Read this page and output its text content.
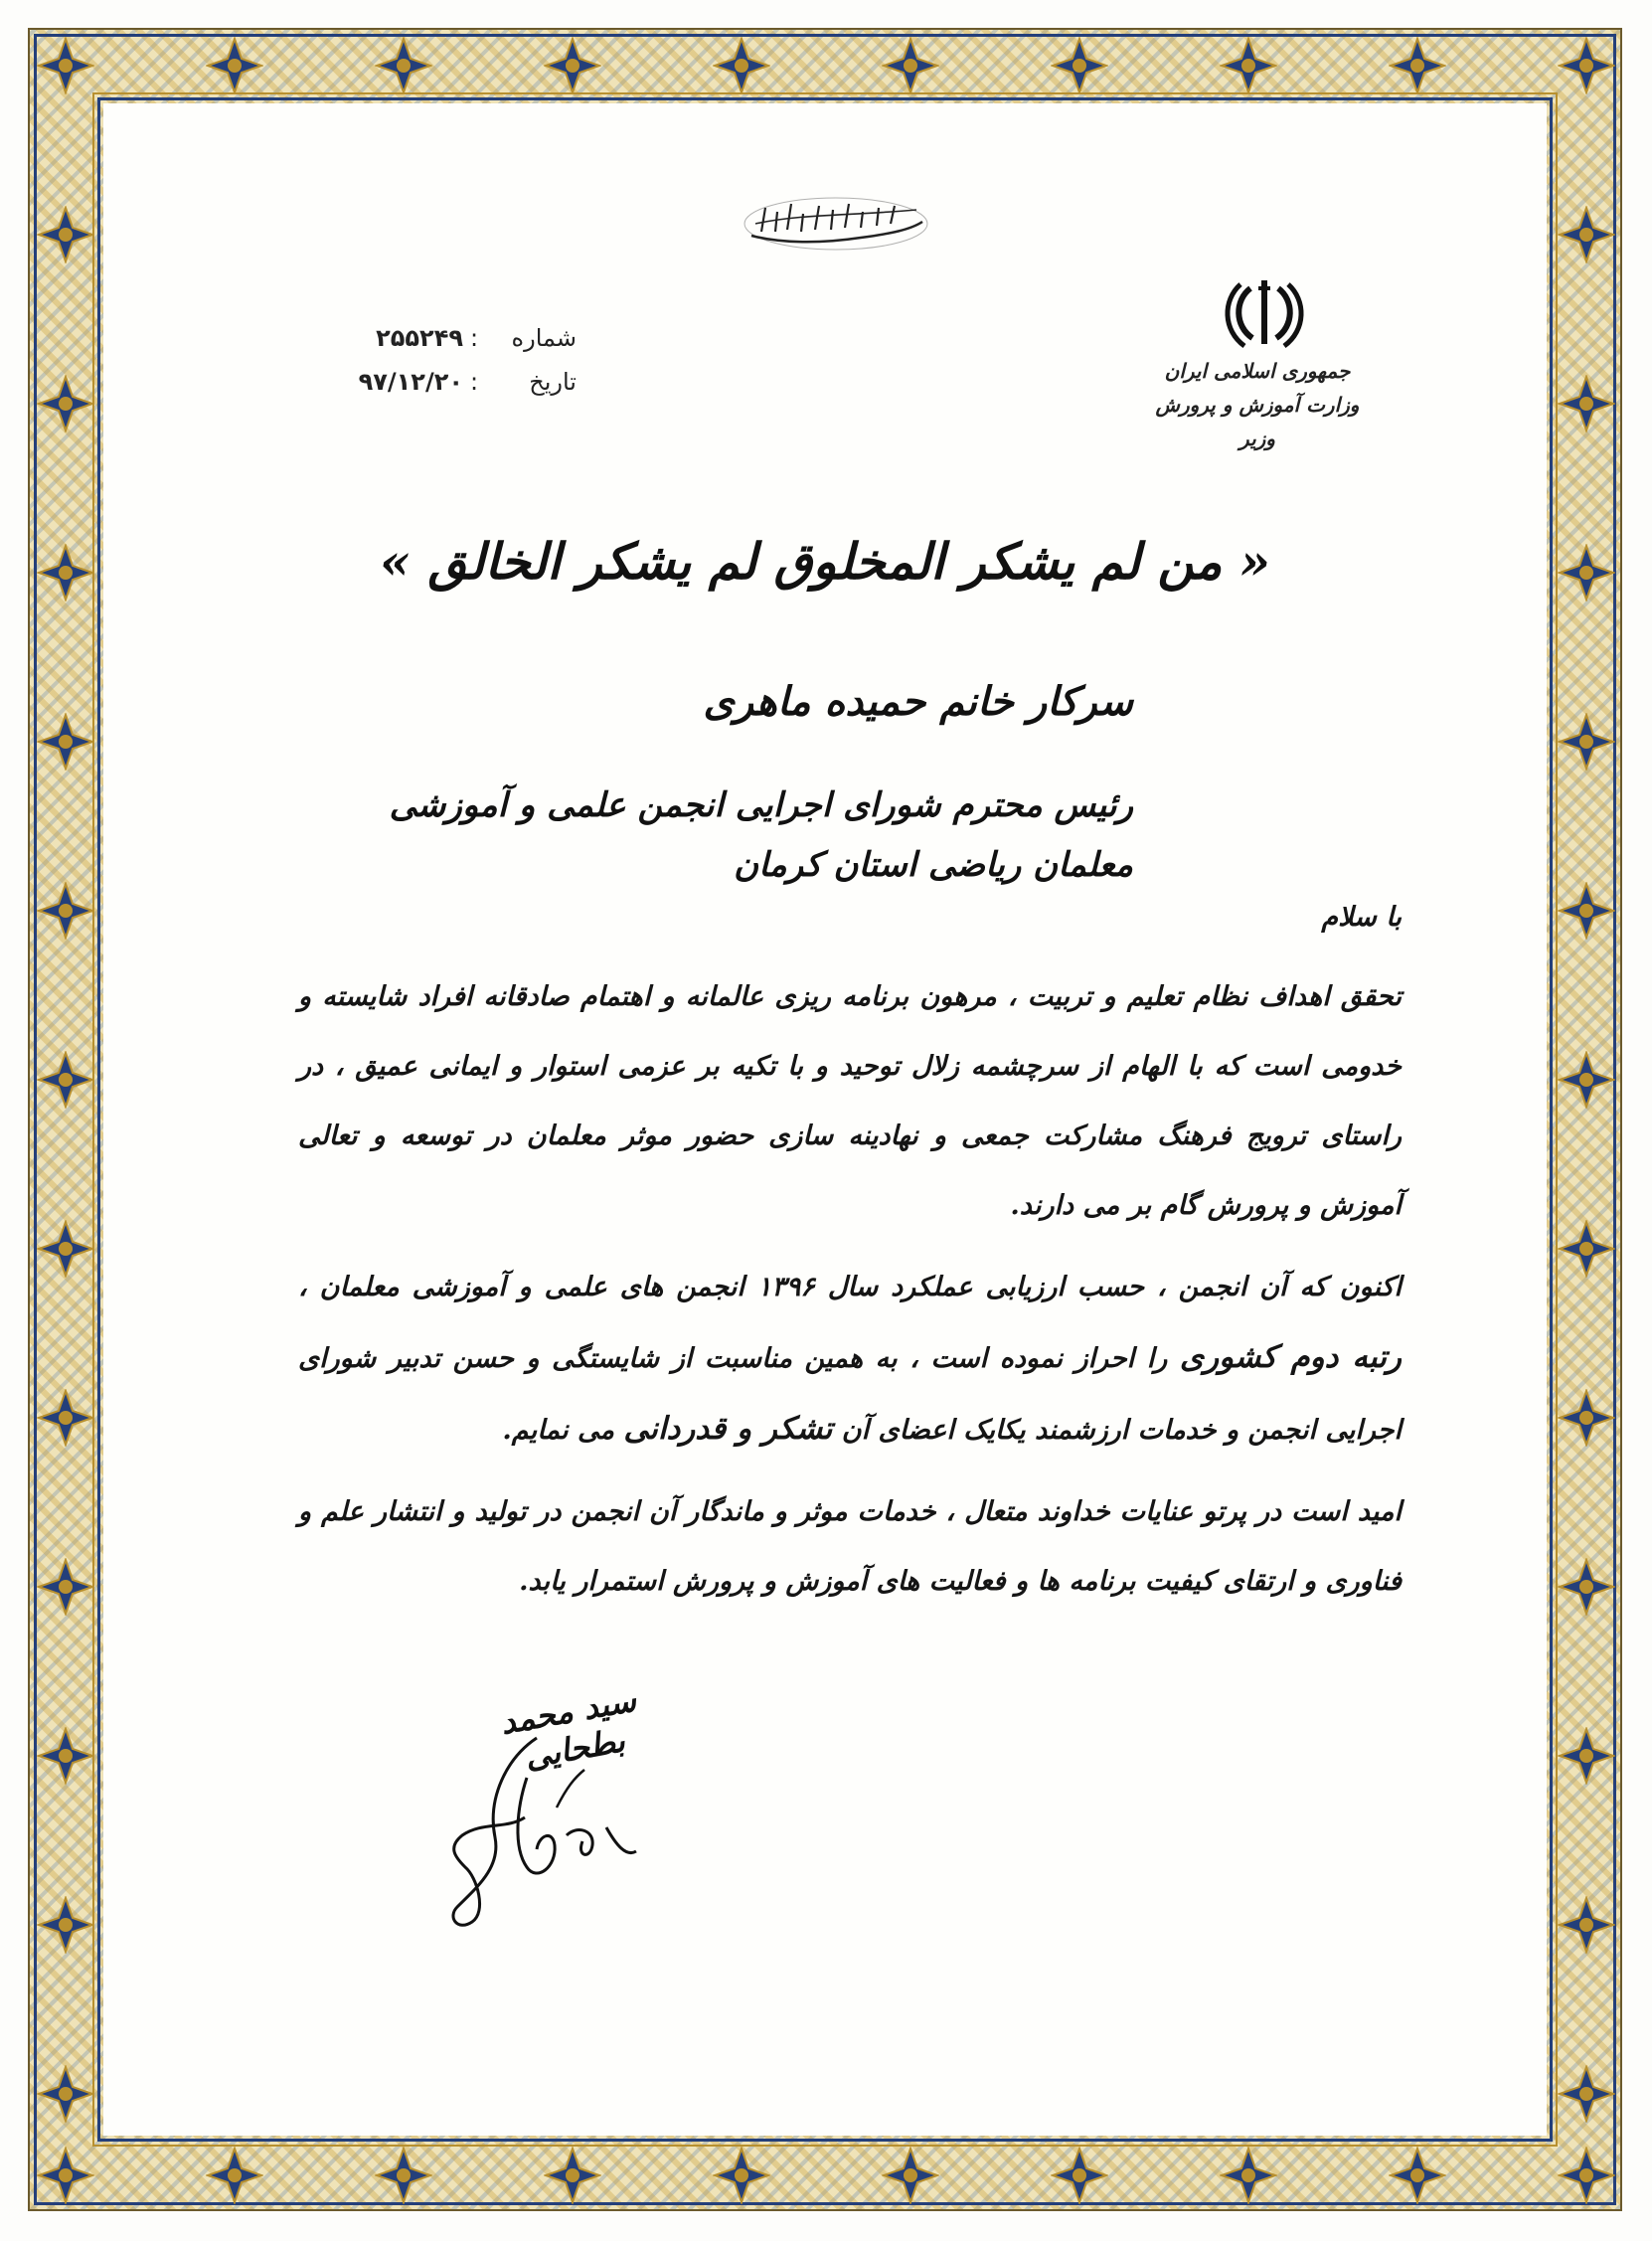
جمهوری اسلامی ایران
وزارت آموزش و پرورش
وزیر
شماره:۲۵۵۲۴۹
تاریخ:۹۷/۱۲/۲۰
« من لم یشکر المخلوق لم یشکر الخالق »
سرکار خانم حمیده ماهری
رئیس محترم شورای اجرایی انجمن علمی و آموزشی معلمان ریاضی استان کرمان

با سلام

تحقق اهداف نظام تعلیم و تربیت ، مرهون برنامه ریزی عالمانه و اهتمام صادقانه افراد شایسته و خدومی است که با الهام از سرچشمه زلال توحید و با تکیه بر عزمی استوار و ایمانی عمیق ، در راستای ترویج فرهنگ مشارکت جمعی و نهادینه سازی حضور موثر معلمان در توسعه و تعالی آموزش و پرورش گام بر می دارند.

اکنون که آن انجمن ، حسب ارزیابی عملکرد سال ۱۳۹۶ انجمن های علمی و آموزشی معلمان ، رتبه دوم کشوری را احراز نموده است ، به همین مناسبت از شایستگی و حسن تدبیر شورای اجرایی انجمن و خدمات ارزشمند یکایک اعضای آن تشکر و قدردانی می نمایم.

امید است در پرتو عنایات خداوند متعال ، خدمات موثر و ماندگار آن انجمن در تولید و انتشار علم و فناوری و ارتقای کیفیت برنامه ها و فعالیت های آموزش و پرورش استمرار یابد.

سید محمد بطحایی
